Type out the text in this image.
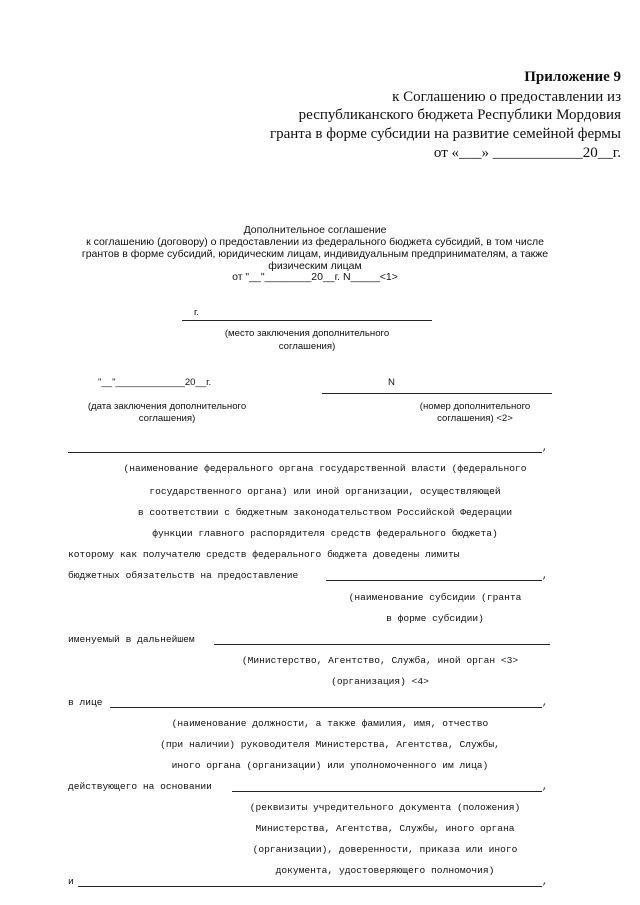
Приложение 9
к Соглашению о предоставлении из
республиканского бюджета Республики Мордовия
гранта в форме субсидии на развитие семейной фермы
от «___» ____________20__г.
Дополнительное соглашение
к соглашению (договору) о предоставлении из федерального бюджета субсидий, в том числе
грантов в форме субсидий, юридическим лицам, индивидуальным предпринимателям, а также
физическим лицам
от "__"________20__г. N_____<1>
г.
(место заключения дополнительного
соглашения)
"__"_____________20__г.	N
(дата заключения дополнительного
соглашения)
(номер дополнительного
соглашения) <2>
,
(наименование федерального органа государственной власти (федерального
государственного органа) или иной организации, осуществляющей
в соответствии с бюджетным законодательством Российской Федерации
функции главного распорядителя средств федерального бюджета)
которому как получателю средств федерального бюджета доведены лимиты
бюджетных обязательств на предоставление	,
(наименование субсидии (гранта
в форме субсидии)
именуемый в дальнейшем
(Министерство, Агентство, Служба, иной орган <3>
(организация) <4>
в лице	,
(наименование должности, а также фамилия, имя, отчество
(при наличии) руководителя Министерства, Агентства, Службы,
иного органа (организации) или уполномоченного им лица)
действующего на основании	,
(реквизиты учредительного документа (положения)
Министерства, Агентства, Службы, иного органа
(организации), доверенности, приказа или иного
документа, удостоверяющего полномочия)
и	,
